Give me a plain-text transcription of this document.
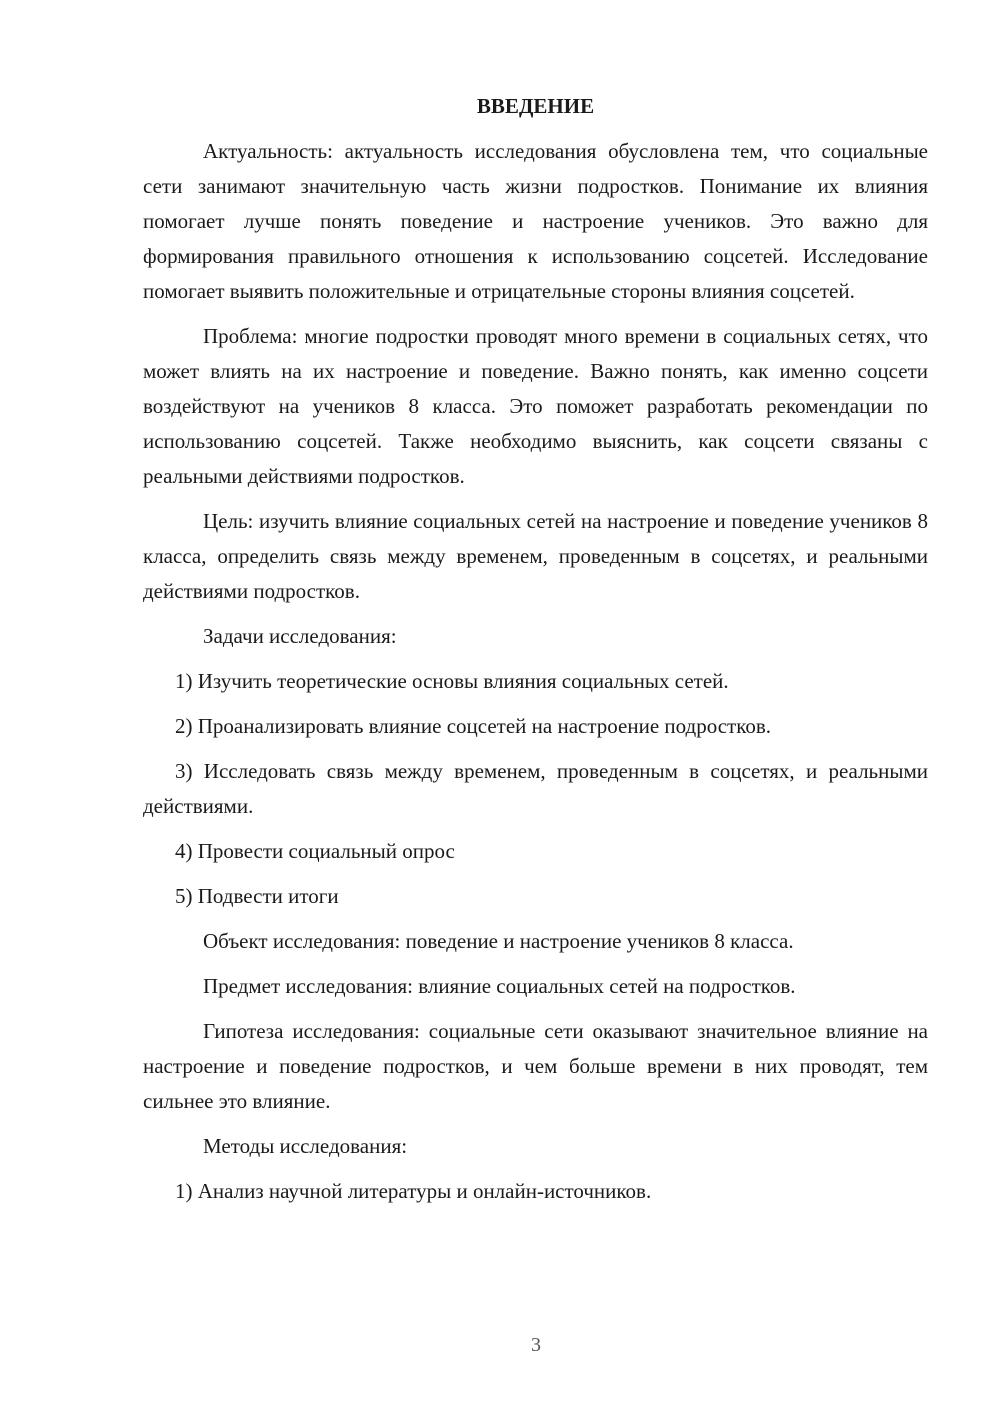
ВВЕДЕНИЕ

Актуальность: актуальность исследования обусловлена тем, что социальные сети занимают значительную часть жизни подростков. Понимание их влияния помогает лучше понять поведение и настроение учеников. Это важно для формирования правильного отношения к использованию соцсетей. Исследование помогает выявить положительные и отрицательные стороны влияния соцсетей.

Проблема: многие подростки проводят много времени в социальных сетях, что может влиять на их настроение и поведение. Важно понять, как именно соцсети воздействуют на учеников 8 класса. Это поможет разработать рекомендации по использованию соцсетей. Также необходимо выяснить, как соцсети связаны с реальными действиями подростков.

Цель: изучить влияние социальных сетей на настроение и поведение учеников 8 класса, определить связь между временем, проведенным в соцсетях, и реальными действиями подростков.

Задачи исследования:

1) Изучить теоретические основы влияния социальных сетей.

2) Проанализировать влияние соцсетей на настроение подростков.

3) Исследовать связь между временем, проведенным в соцсетях, и реальными действиями.

4) Провести социальный опрос

5) Подвести итоги

Объект исследования: поведение и настроение учеников 8 класса.

Предмет исследования: влияние социальных сетей на подростков.

Гипотеза исследования: социальные сети оказывают значительное влияние на настроение и поведение подростков, и чем больше времени в них проводят, тем сильнее это влияние.

Методы исследования:

1) Анализ научной литературы и онлайн-источников.

3
